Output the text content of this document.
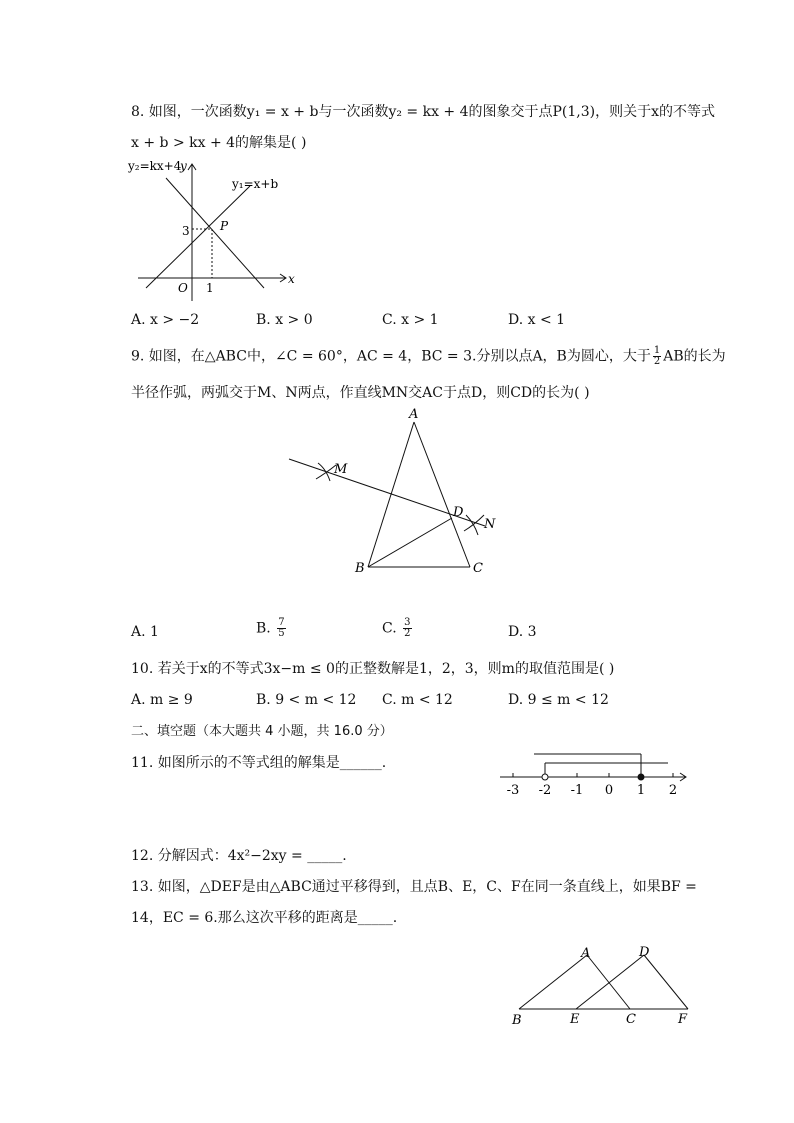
8. 如图，一次函数y₁ = x + b与一次函数y₂ = kx + 4的图象交于点P(1,3)，则关于x的不等式
x + b > kx + 4的解集是( )
y₂=kx+4
y
y₁=x+b
P
3
O 1
x
A. x > −2	B. x > 0	C. x > 1	D. x < 1
9. 如图，在△ABC中，∠C = 60°，AC = 4，BC = 3.分别以点A，B为圆心，大于 $\frac{1}{2}$ AB的长为
半径作弧，两弧交于M、N两点，作直线MN交AC于点D，则CD的长为( )
A
B	C
D
M
N
A. 1	B. $\frac{7}{5}$	C. $\frac{3}{2}$	D. 3
10. 若关于x的不等式3x−m ≤ 0的正整数解是1，2，3，则m的取值范围是( )
A. m ≥ 9	B. 9 < m < 12 C. m < 12	D. 9 ≤ m < 12
二、填空题（本大题共 4 小题，共 16.0 分）
11. 如图所示的不等式组的解集是______.
-3 -2 -1 0 1 2
12. 分解因式：4x²−2xy = _____.
13. 如图，△DEF是由△ABC通过平移得到，且点B、E，C、F在同一条直线上，如果BF =
14，EC = 6.那么这次平移的距离是_____.
A	D
B	E	C	F
